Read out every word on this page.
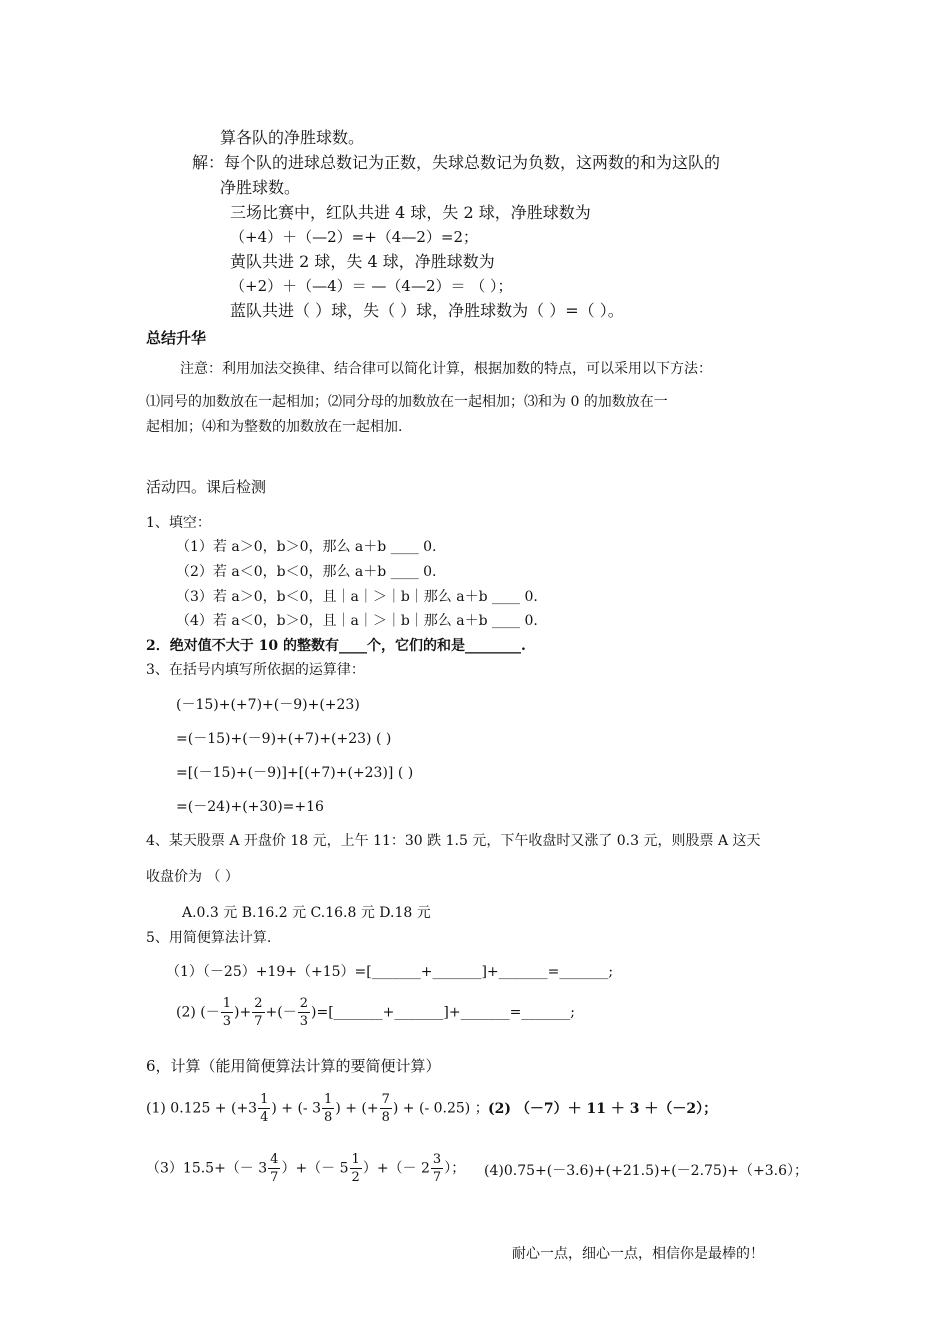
算各队的净胜球数。
解：每个队的进球总数记为正数，失球总数记为负数，这两数的和为这队的
净胜球数。
三场比赛中，红队共进 4 球，失 2 球，净胜球数为
（+4）＋（—2）=+（4—2）=2；
黄队共进 2 球，失 4 球，净胜球数为
（+2）＋（—4）＝ —（4—2）＝ （ ）；
蓝队共进（ ）球，失（ ）球，净胜球数为（ ）=（ ）。
总结升华
注意：利用加法交换律、结合律可以简化计算，根据加数的特点，可以采用以下方法：
⑴同号的加数放在一起相加；⑵同分母的加数放在一起相加；⑶和为 0 的加数放在一
起相加；⑷和为整数的加数放在一起相加.
活动四。课后检测
1、填空：
（1）若 a＞0，b＞0，那么 a＋b ____ 0.
（2）若 a＜0，b＜0，那么 a＋b ____ 0.
（3）若 a＞0，b＜0，且｜a｜＞｜b｜那么 a＋b ____ 0.
（4）若 a＜0，b＞0，且｜a｜＞｜b｜那么 a＋b ____ 0.
2．绝对值不大于 10 的整数有____个，它们的和是________.
3、在括号内填写所依据的运算律：
(－15)+(+7)+(－9)+(+23)
=(－15)+(－9)+(+7)+(+23) ( )
=[(－15)+(－9)]+[(+7)+(+23)] ( )
=(－24)+(+30)=+16
4、某天股票 A 开盘价 18 元，上午 11：30 跌 1.5 元，下午收盘时又涨了 0.3 元，则股票 A 这天
收盘价为 （ ）
A.0.3 元 B.16.2 元 C.16.8 元 D.18 元
5、用简便算法计算.
（1）（－25）+19+（+15）=[_______+_______]+_______=_______;
(2) (－ $\frac{1}{3}$ )+ $\frac{2}{7}$ +(－ $\frac{2}{3}$ )=[_______+_______]+_______=_______;
6，计算（能用简便算法计算的要简便计算）
(1) $0.125 + (+3 \frac{1}{4}$ ) + (- $3 \frac{1}{8}$ ) + (+ $\frac{7}{8}$ ) + (- 0.25) ； (2) （－7）＋ 11 ＋ 3 ＋（－2）；
$(3)15.5+(- 3 \frac{4}{7}$ ）+（－ $5 \frac{1}{2}$ ）+（－ $2 \frac{3}{7}$ ）； (4)0.75+(－3.6)+(+21.5)+(－2.75)+（+3.6）；
耐心一点，细心一点，相信你是最棒的！
